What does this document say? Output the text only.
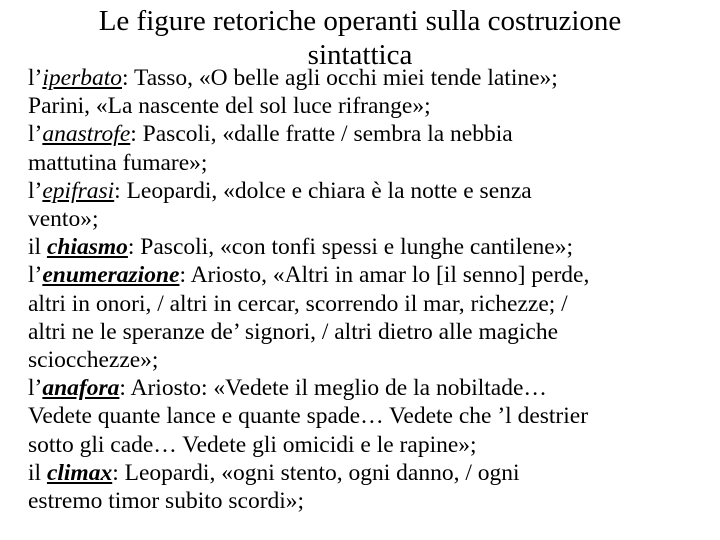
Le figure retoriche operanti sulla costruzione
sintattica
l’iperbato: Tasso, «O belle agli occhi miei tende latine»;
Parini, «La nascente del sol luce rifrange»;
l’anastrofe: Pascoli, «dalle fratte / sembra la nebbia
mattutina fumare»;
l’epifrasi: Leopardi, «dolce e chiara è la notte e senza
vento»;
il chiasmo: Pascoli, «con tonfi spessi e lunghe cantilene»;
l’enumerazione: Ariosto, «Altri in amar lo [il senno] perde,
altri in onori, / altri in cercar, scorrendo il mar, richezze; /
altri ne le speranze de’ signori, / altri dietro alle magiche
sciocchezze»;
l’anafora: Ariosto: «Vedete il meglio de la nobiltade…
Vedete quante lance e quante spade… Vedete che ’l destrier
sotto gli cade… Vedete gli omicidi e le rapine»;
il climax: Leopardi, «ogni stento, ogni danno, / ogni
estremo timor subito scordi»;
